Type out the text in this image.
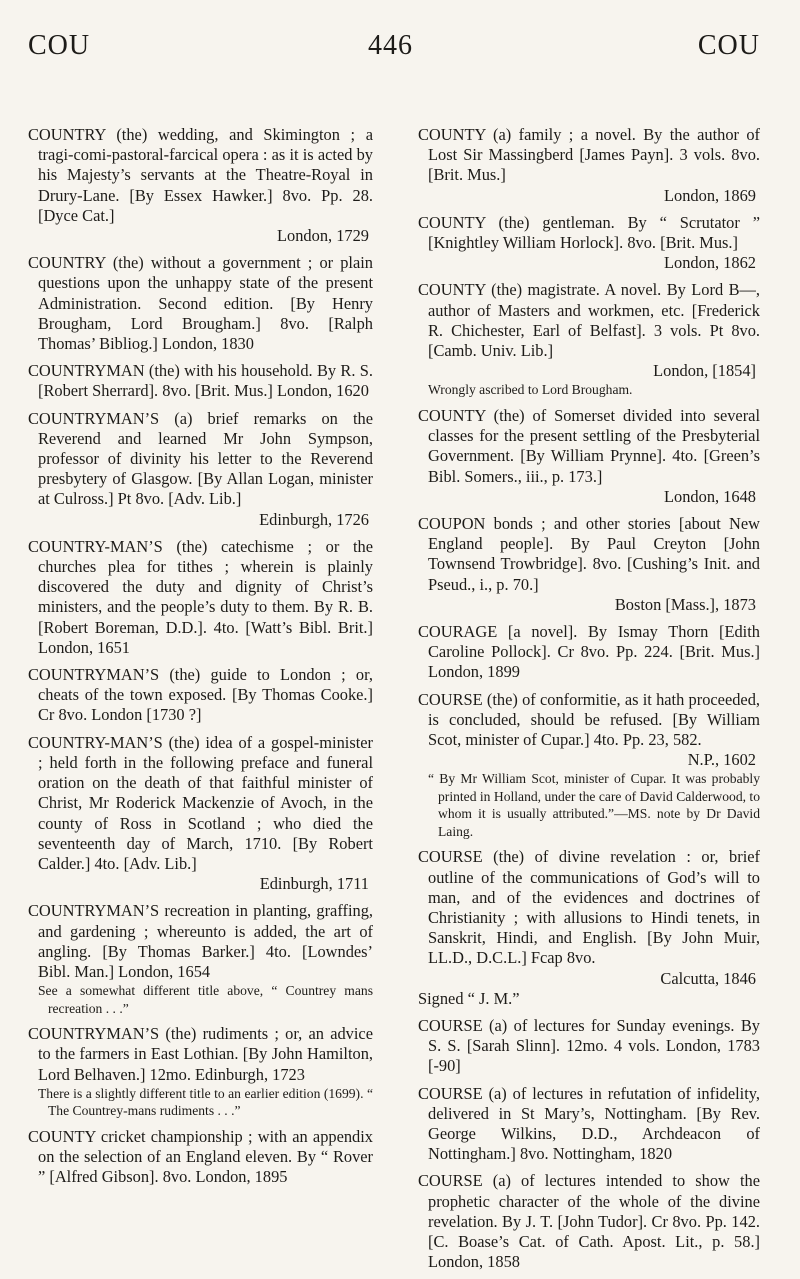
COU	446	COU

COUNTRY (the) wedding, and Skimington ; a tragi-comi-pastoral-farcical opera : as it is acted by his Majesty’s servants at the Theatre-Royal in Drury-Lane. [By Essex Hawker.] 8vo. Pp. 28. [Dyce Cat.]

London, 1729

COUNTRY (the) without a government ; or plain questions upon the unhappy state of the present Administration. Second edition. [By Henry Brougham, Lord Brougham.] 8vo. [Ralph Thomas’ Bibliog.] London, 1830

COUNTRYMAN (the) with his household. By R. S. [Robert Sherrard]. 8vo. [Brit. Mus.] London, 1620

COUNTRYMAN’S (a) brief remarks on the Reverend and learned Mr John Sympson, professor of divinity his letter to the Reverend presbytery of Glasgow. [By Allan Logan, minister at Culross.] Pt 8vo. [Adv. Lib.]

Edinburgh, 1726

COUNTRY-MAN’S (the) catechisme ; or the churches plea for tithes ; wherein is plainly discovered the duty and dignity of Christ’s ministers, and the people’s duty to them. By R. B. [Robert Boreman, D.D.]. 4to. [Watt’s Bibl. Brit.] London, 1651

COUNTRYMAN’S (the) guide to London ; or, cheats of the town exposed. [By Thomas Cooke.] Cr 8vo. London [1730 ?]

COUNTRY-MAN’S (the) idea of a gospel-minister ; held forth in the following preface and funeral oration on the death of that faithful minister of Christ, Mr Roderick Mackenzie of Avoch, in the county of Ross in Scotland ; who died the seventeenth day of March, 1710. [By Robert Calder.] 4to. [Adv. Lib.]

Edinburgh, 1711

COUNTRYMAN’S recreation in planting, graffing, and gardening ; whereunto is added, the art of angling. [By Thomas Barker.] 4to. [Lowndes’ Bibl. Man.] London, 1654

See a somewhat different title above, “ Countrey mans recreation . . .”

COUNTRYMAN’S (the) rudiments ; or, an advice to the farmers in East Lothian. [By John Hamilton, Lord Belhaven.] 12mo. Edinburgh, 1723

There is a slightly different title to an earlier edition (1699). “ The Countrey-mans rudiments . . .”

COUNTY cricket championship ; with an appendix on the selection of an England eleven. By “ Rover ” [Alfred Gibson]. 8vo. London, 1895

COUNTY (a) family ; a novel. By the author of Lost Sir Massingberd [James Payn]. 3 vols. 8vo. [Brit. Mus.]

London, 1869

COUNTY (the) gentleman. By “ Scrutator ” [Knightley William Horlock]. 8vo. [Brit. Mus.]

London, 1862

COUNTY (the) magistrate. A novel. By Lord B—, author of Masters and workmen, etc. [Frederick R. Chichester, Earl of Belfast]. 3 vols. Pt 8vo. [Camb. Univ. Lib.]

London, [1854]

Wrongly ascribed to Lord Brougham.

COUNTY (the) of Somerset divided into several classes for the present settling of the Presbyterial Government. [By William Prynne]. 4to. [Green’s Bibl. Somers., iii., p. 173.]

London, 1648

COUPON bonds ; and other stories [about New England people]. By Paul Creyton [John Townsend Trowbridge]. 8vo. [Cushing’s Init. and Pseud., i., p. 70.]

Boston [Mass.], 1873

COURAGE [a novel]. By Ismay Thorn [Edith Caroline Pollock]. Cr 8vo. Pp. 224. [Brit. Mus.] London, 1899

COURSE (the) of conformitie, as it hath proceeded, is concluded, should be refused. [By William Scot, minister of Cupar.] 4to. Pp. 23, 582.

N.P., 1602

“ By Mr William Scot, minister of Cupar. It was probably printed in Holland, under the care of David Calderwood, to whom it is usually attributed.”—MS. note by Dr David Laing.

COURSE (the) of divine revelation : or, brief outline of the communications of God’s will to man, and of the evidences and doctrines of Christianity ; with allusions to Hindi tenets, in Sanskrit, Hindi, and English. [By John Muir, LL.D., D.C.L.] Fcap 8vo.

Calcutta, 1846

Signed “ J. M.”

COURSE (a) of lectures for Sunday evenings. By S. S. [Sarah Slinn]. 12mo. 4 vols. London, 1783 [-90]

COURSE (a) of lectures in refutation of infidelity, delivered in St Mary’s, Nottingham. [By Rev. George Wilkins, D.D., Archdeacon of Nottingham.] 8vo. Nottingham, 1820

COURSE (a) of lectures intended to show the prophetic character of the whole of the divine revelation. By J. T. [John Tudor]. Cr 8vo. Pp. 142. [C. Boase’s Cat. of Cath. Apost. Lit., p. 58.] London, 1858
